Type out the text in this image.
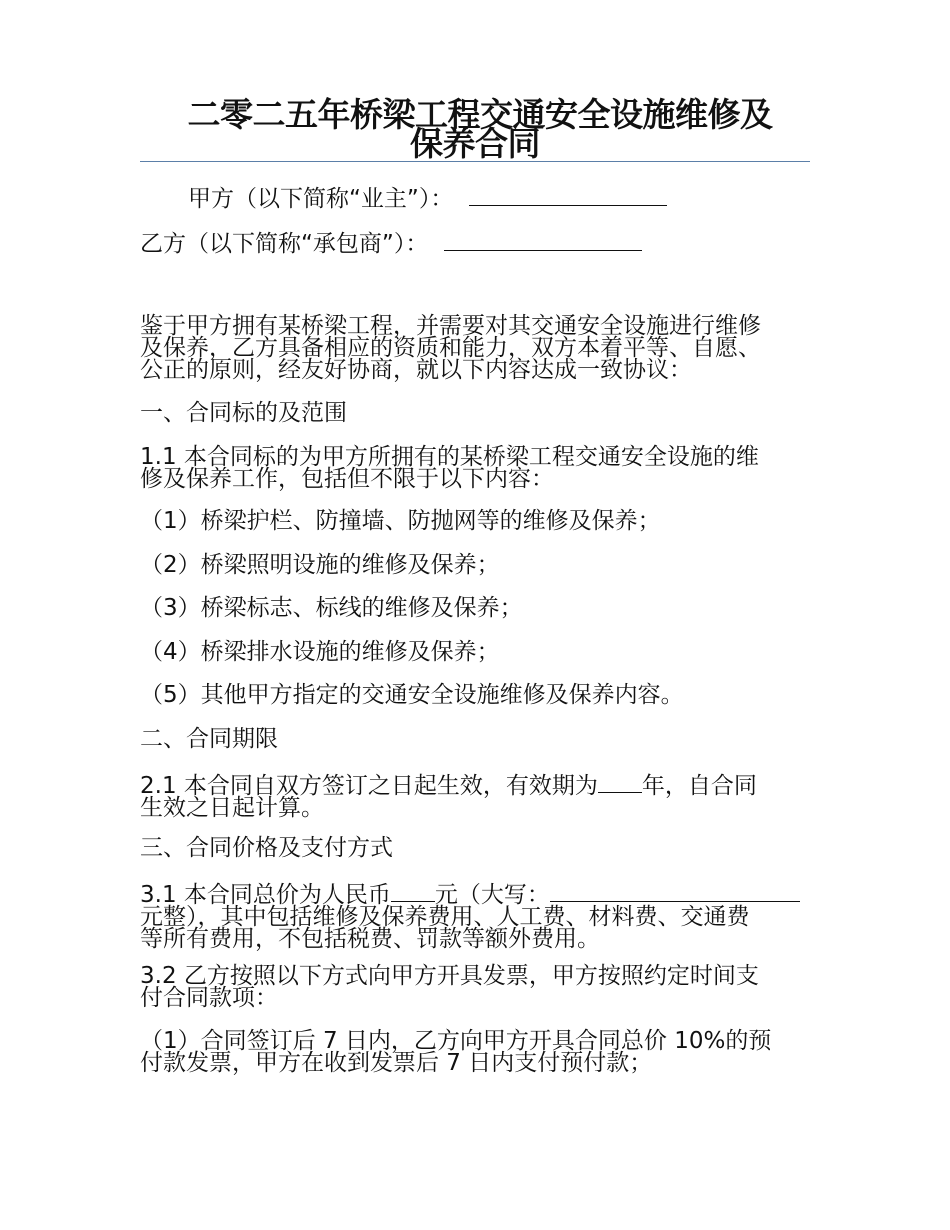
二零二五年桥梁工程交通安全设施维修及
保养合同
甲方（以下简称“业主”）：
乙方（以下简称“承包商”）：
鉴于甲方拥有某桥梁工程，并需要对其交通安全设施进行维修
及保养，乙方具备相应的资质和能力，双方本着平等、自愿、
公正的原则，经友好协商，就以下内容达成一致协议：
一、合同标的及范围
1.1 本合同标的为甲方所拥有的某桥梁工程交通安全设施的维
修及保养工作，包括但不限于以下内容：
（1）桥梁护栏、防撞墙、防抛网等的维修及保养；
（2）桥梁照明设施的维修及保养；
（3）桥梁标志、标线的维修及保养；
（4）桥梁排水设施的维修及保养；
（5）其他甲方指定的交通安全设施维修及保养内容。
二、合同期限
2.1 本合同自双方签订之日起生效，有效期为 年，自合同
生效之日起计算。
三、合同价格及支付方式
3.1 本合同总价为人民币 元（大写：
元整），其中包括维修及保养费用、人工费、材料费、交通费
等所有费用，不包括税费、罚款等额外费用。
3.2 乙方按照以下方式向甲方开具发票，甲方按照约定时间支
付合同款项：
（1）合同签订后 7 日内，乙方向甲方开具合同总价 10%的预
付款发票，甲方在收到发票后 7 日内支付预付款；
